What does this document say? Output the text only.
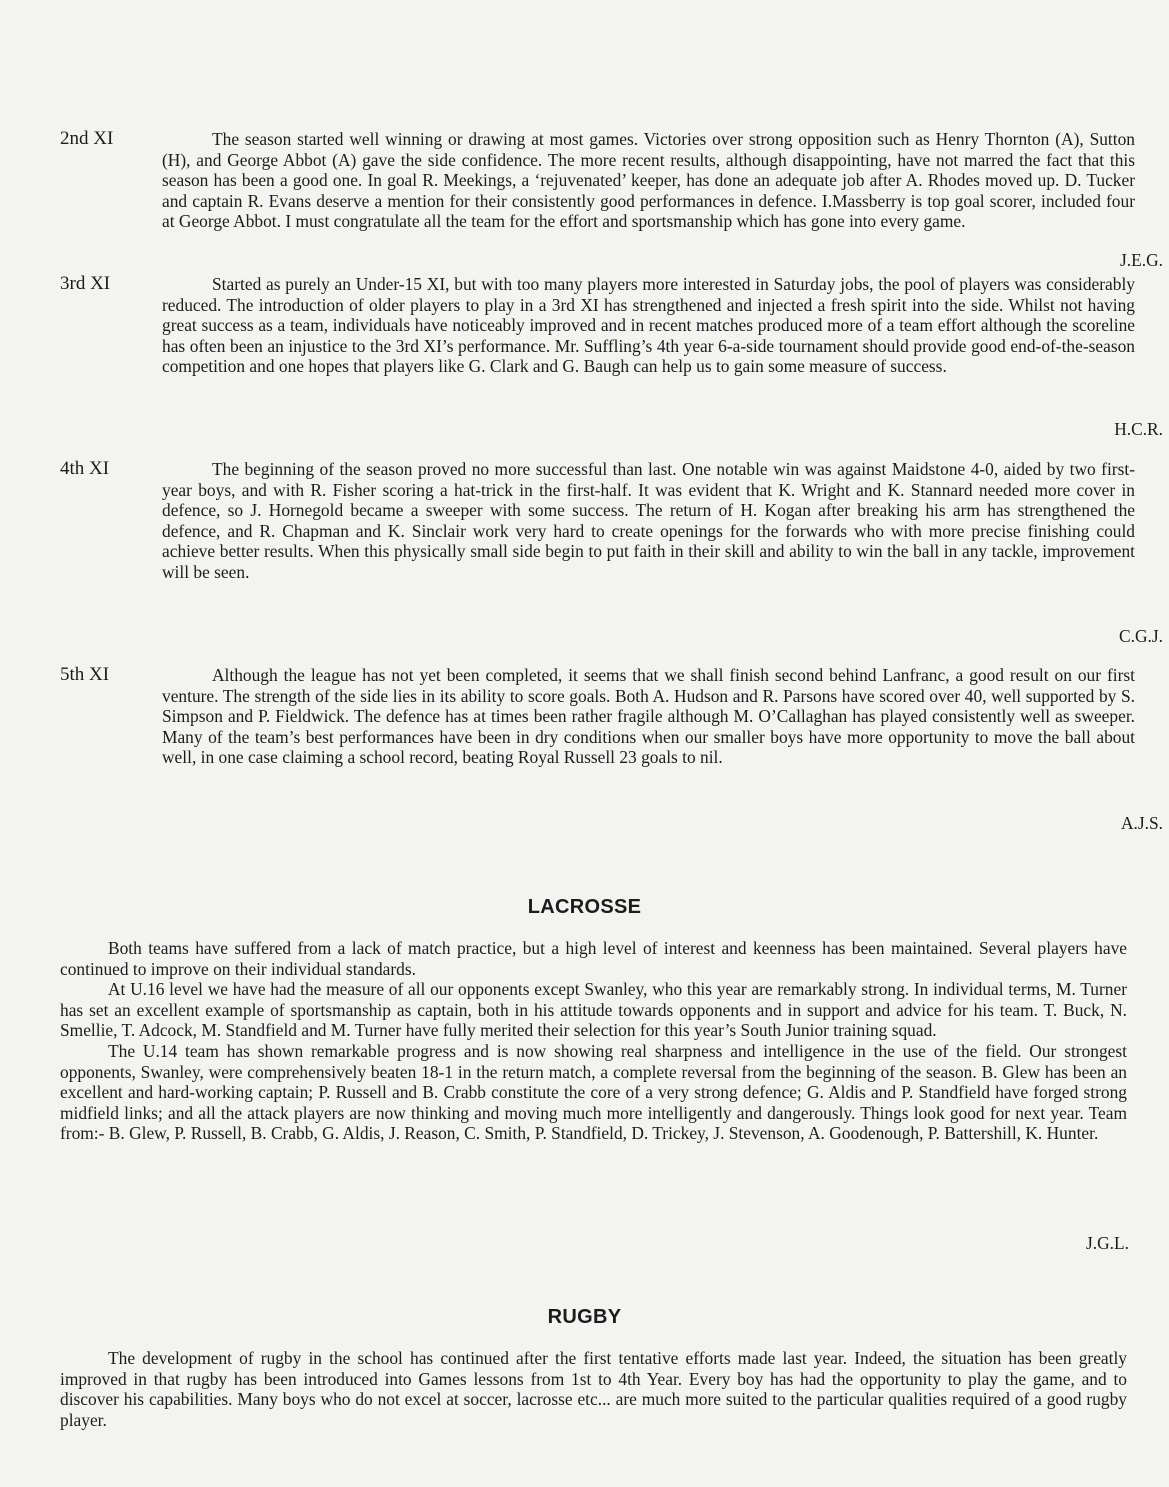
2nd XI	The season started well winning or drawing at most games. Victories over strong opposition such as Henry Thornton (A), Sutton (H), and George Abbot (A) gave the side confidence. The more recent results, although disappointing, have not marred the fact that this season has been a good one. In goal R. Meekings, a ‘rejuvenated’ keeper, has done an adequate job after A. Rhodes moved up. D. Tucker and captain R. Evans deserve a mention for their consistently good performances in defence. I.Massberry is top goal scorer, included four at George Abbot. I must congratulate all the team for the effort and sportsmanship which has gone into every game.
J.E.G.
3rd XI	Started as purely an Under-15 XI, but with too many players more interested in Saturday jobs, the pool of players was considerably reduced. The introduction of older players to play in a 3rd XI has strengthened and injected a fresh spirit into the side. Whilst not having great success as a team, individuals have noticeably improved and in recent matches produced more of a team effort although the scoreline has often been an injustice to the 3rd XI’s performance. Mr. Suffling’s 4th year 6-a-side tournament should provide good end-of-the-season competition and one hopes that players like G. Clark and G. Baugh can help us to gain some measure of success.
H.C.R.
4th XI	The beginning of the season proved no more successful than last. One notable win was against Maidstone 4-0, aided by two first-year boys, and with R. Fisher scoring a hat-trick in the first-half. It was evident that K. Wright and K. Stannard needed more cover in defence, so J. Hornegold became a sweeper with some success. The return of H. Kogan after breaking his arm has strengthened the defence, and R. Chapman and K. Sinclair work very hard to create openings for the forwards who with more precise finishing could achieve better results. When this physically small side begin to put faith in their skill and ability to win the ball in any tackle, improvement will be seen.
C.G.J.
5th XI	Although the league has not yet been completed, it seems that we shall finish second behind Lanfranc, a good result on our first venture. The strength of the side lies in its ability to score goals. Both A. Hudson and R. Parsons have scored over 40, well supported by S. Simpson and P. Fieldwick. The defence has at times been rather fragile although M. O’Callaghan has played consistently well as sweeper. Many of the team’s best performances have been in dry conditions when our smaller boys have more opportunity to move the ball about well, in one case claiming a school record, beating Royal Russell 23 goals to nil.
A.J.S.
LACROSSE

Both teams have suffered from a lack of match practice, but a high level of interest and keenness has been maintained. Several players have continued to improve on their individual standards.

At U.16 level we have had the measure of all our opponents except Swanley, who this year are remarkably strong. In individual terms, M. Turner has set an excellent example of sportsmanship as captain, both in his attitude towards opponents and in support and advice for his team. T. Buck, N. Smellie, T. Adcock, M. Standfield and M. Turner have fully merited their selection for this year’s South Junior training squad.

The U.14 team has shown remarkable progress and is now showing real sharpness and intelligence in the use of the field. Our strongest opponents, Swanley, were comprehensively beaten 18-1 in the return match, a complete reversal from the beginning of the season. B. Glew has been an excellent and hard-working captain; P. Russell and B. Crabb constitute the core of a very strong defence; G. Aldis and P. Standfield have forged strong midfield links; and all the attack players are now thinking and moving much more intelligently and dangerously. Things look good for next year. Team from:- B. Glew, P. Russell, B. Crabb, G. Aldis, J. Reason, C. Smith, P. Standfield, D. Trickey, J. Stevenson, A. Goodenough, P. Battershill, K. Hunter.

J.G.L.
RUGBY

The development of rugby in the school has continued after the first tentative efforts made last year. Indeed, the situation has been greatly improved in that rugby has been introduced into Games lessons from 1st to 4th Year. Every boy has had the opportunity to play the game, and to discover his capabilities. Many boys who do not excel at soccer, lacrosse etc... are much more suited to the particular qualities required of a good rugby player.
